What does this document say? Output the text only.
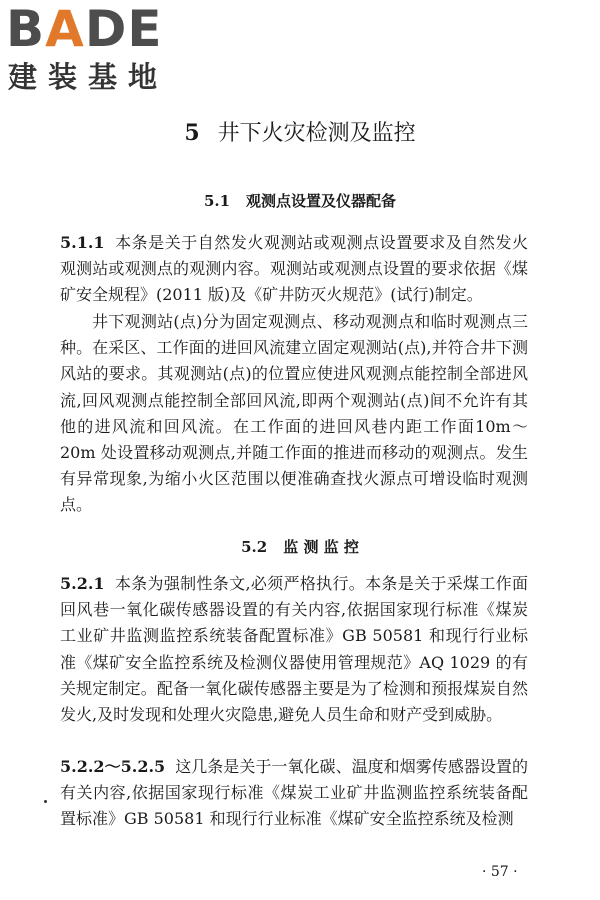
BADE
建装基地
5 井下火灾检测及监控
5.1 观测点设置及仪器配备

5.1.1 本条是关于自然发火观测站或观测点设置要求及自然发火观测站或观测点的观测内容。观测站或观测点设置的要求依据《煤矿安全规程》(2011 版)及《矿井防灭火规范》(试行)制定。

井下观测站(点)分为固定观测点、移动观测点和临时观测点三种。在采区、工作面的进回风流建立固定观测站(点),并符合井下测风站的要求。其观测站(点)的位置应使进风观测点能控制全部进风流,回风观测点能控制全部回风流,即两个观测站(点)间不允许有其他的进风流和回风流。在工作面的进回风巷内距工作面10m～20m 处设置移动观测点,并随工作面的推进而移动的观测点。发生有异常现象,为缩小火区范围以便准确查找火源点可增设临时观测点。

5.2 监 测 监 控

5.2.1 本条为强制性条文,必须严格执行。本条是关于采煤工作面回风巷一氧化碳传感器设置的有关内容,依据国家现行标准《煤炭工业矿井监测监控系统装备配置标准》GB 50581 和现行行业标准《煤矿安全监控系统及检测仪器使用管理规范》AQ 1029 的有关规定制定。配备一氧化碳传感器主要是为了检测和预报煤炭自然发火,及时发现和处理火灾隐患,避免人员生命和财产受到威胁。

5.2.2～5.2.5 这几条是关于一氧化碳、温度和烟雾传感器设置的有关内容,依据国家现行标准《煤炭工业矿井监测监控系统装备配置标准》GB 50581 和现行行业标准《煤矿安全监控系统及检测

· 57 ·
